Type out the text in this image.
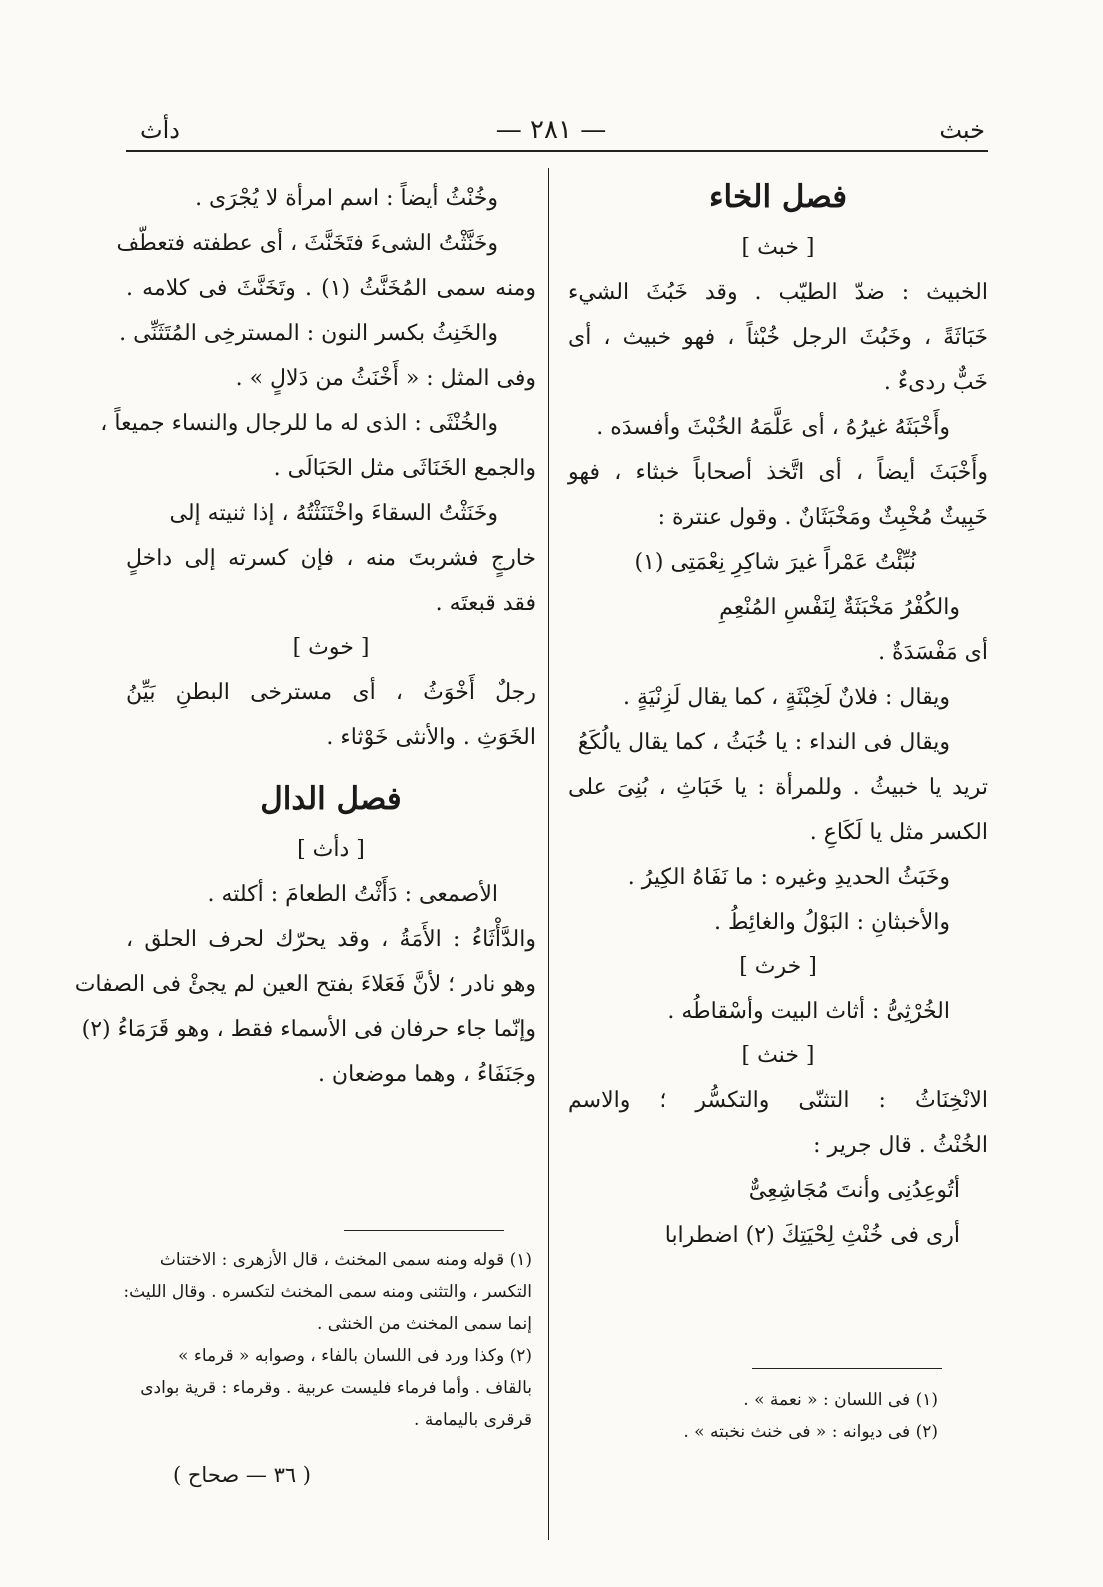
خبث
— ٢٨١ —
دأث
فصل الخاء
[ خبث ]
الخبيث : ضدّ الطيّب . وقد خَبُثَ الشيء
خَبَاثَةً ، وخَبُثَ الرجل خُبْثاً ، فهو خبيث ، أى
خَبٌّ ردىءٌ .
وأَخْبَثَهُ غيرُهُ ، أى عَلَّمَهُ الخُبْثَ وأفسدَه .
وأَخْبَثَ أيضاً ، أى اتَّخذ أصحاباً خبثاء ، فهو
خَبِيثٌ مُخْبِثٌ ومَخْبَثَانٌ . وقول عنترة :
نُبِّئْتُ عَمْراً غيرَ شاكِرِ نِعْمَتِى (١)
والكُفْرُ مَخْبَثَةٌ لِنَفْسِ المُنْعِمِ
أى مَفْسَدَةٌ .
ويقال : فلانٌ لَخِبْثَةٍ ، كما يقال لَزِنْيَةٍ .
ويقال فى النداء : يا خُبَثُ ، كما يقال يالُكَعُ
تريد يا خبيثُ . وللمرأة : يا خَبَاثِ ، بُنِىَ على
الكسر مثل يا لَكَاعِ .
وخَبَثُ الحديدِ وغيره : ما نَفَاهُ الكِيرُ .
والأخبثانِ : البَوْلُ والغائِطُ .
[ خرث ]
الخُرْثِىُّ : أثاث البيت وأسْقاطُه .
[ خنث ]
الانْخِنَاثُ : التثنّى والتكسُّر ؛ والاسم
الخُنْثُ . قال جرير :
أتُوعِدُنِى وأنتَ مُجَاشِعِىٌّ
أرى فى خُنْثِ لِحْيَتِكَ (٢) اضطرابا
(١) فى اللسان : « نعمة » .
(٢) فى ديوانه : « فى خنث نخبته » .
وخُنْثُ أيضاً : اسم امرأة لا يُجْرَى .
وخَنَّثْتُ الشىءَ فتَخَنَّثَ ، أى عطفته فتعطّف
ومنه سمى المُخَنَّثُ (١) . وتَخَنَّثَ فى كلامه .
والخَنِثُ بكسر النون : المسترخِى المُتَثَنِّى .
وفى المثل : « أَخْنَثُ من دَلالٍ » .
والخُنْثَى : الذى له ما للرجال والنساء جميعاً ،
والجمع الخَنَاثَى مثل الحَبَالَى .
وخَنَثْتُ السقاءَ واخْتَنَثْتُهُ ، إذا ثنيته إلى
خارجٍ فشربتَ منه ، فإن كسرته إلى داخلٍ
فقد قبعتَه .
[ خوث ]
رجلٌ أَخْوَثُ ، أى مسترخى البطنِ بَيِّنُ
الخَوَثِ . والأنثى خَوْثاء .
فصل الدال
[ دأث ]
الأصمعى : دَأَثْتُ الطعامَ : أكلته .
والدَّأْثَاءُ : الأَمَةُ ، وقد يحرّك لحرف الحلق ،
وهو نادر ؛ لأنَّ فَعَلاءَ بفتح العين لم يجئْ فى الصفات
وإنّما جاء حرفان فى الأسماء فقط ، وهو قَرَمَاءُ (٢)
وجَنَفَاءُ ، وهما موضعان .
(١) قوله ومنه سمى المخنث ، قال الأزهرى : الاختناث
التكسر ، والتثنى ومنه سمى المخنث لتكسره . وقال الليث:
إنما سمى المخنث من الخنثى .
(٢) وكذا ورد فى اللسان بالفاء ، وصوابه « قرماء »
بالقاف . وأما فرماء فليست عربية . وقرماء : قرية بوادى
قرقرى باليمامة .
( ٣٦ — صحاح )
